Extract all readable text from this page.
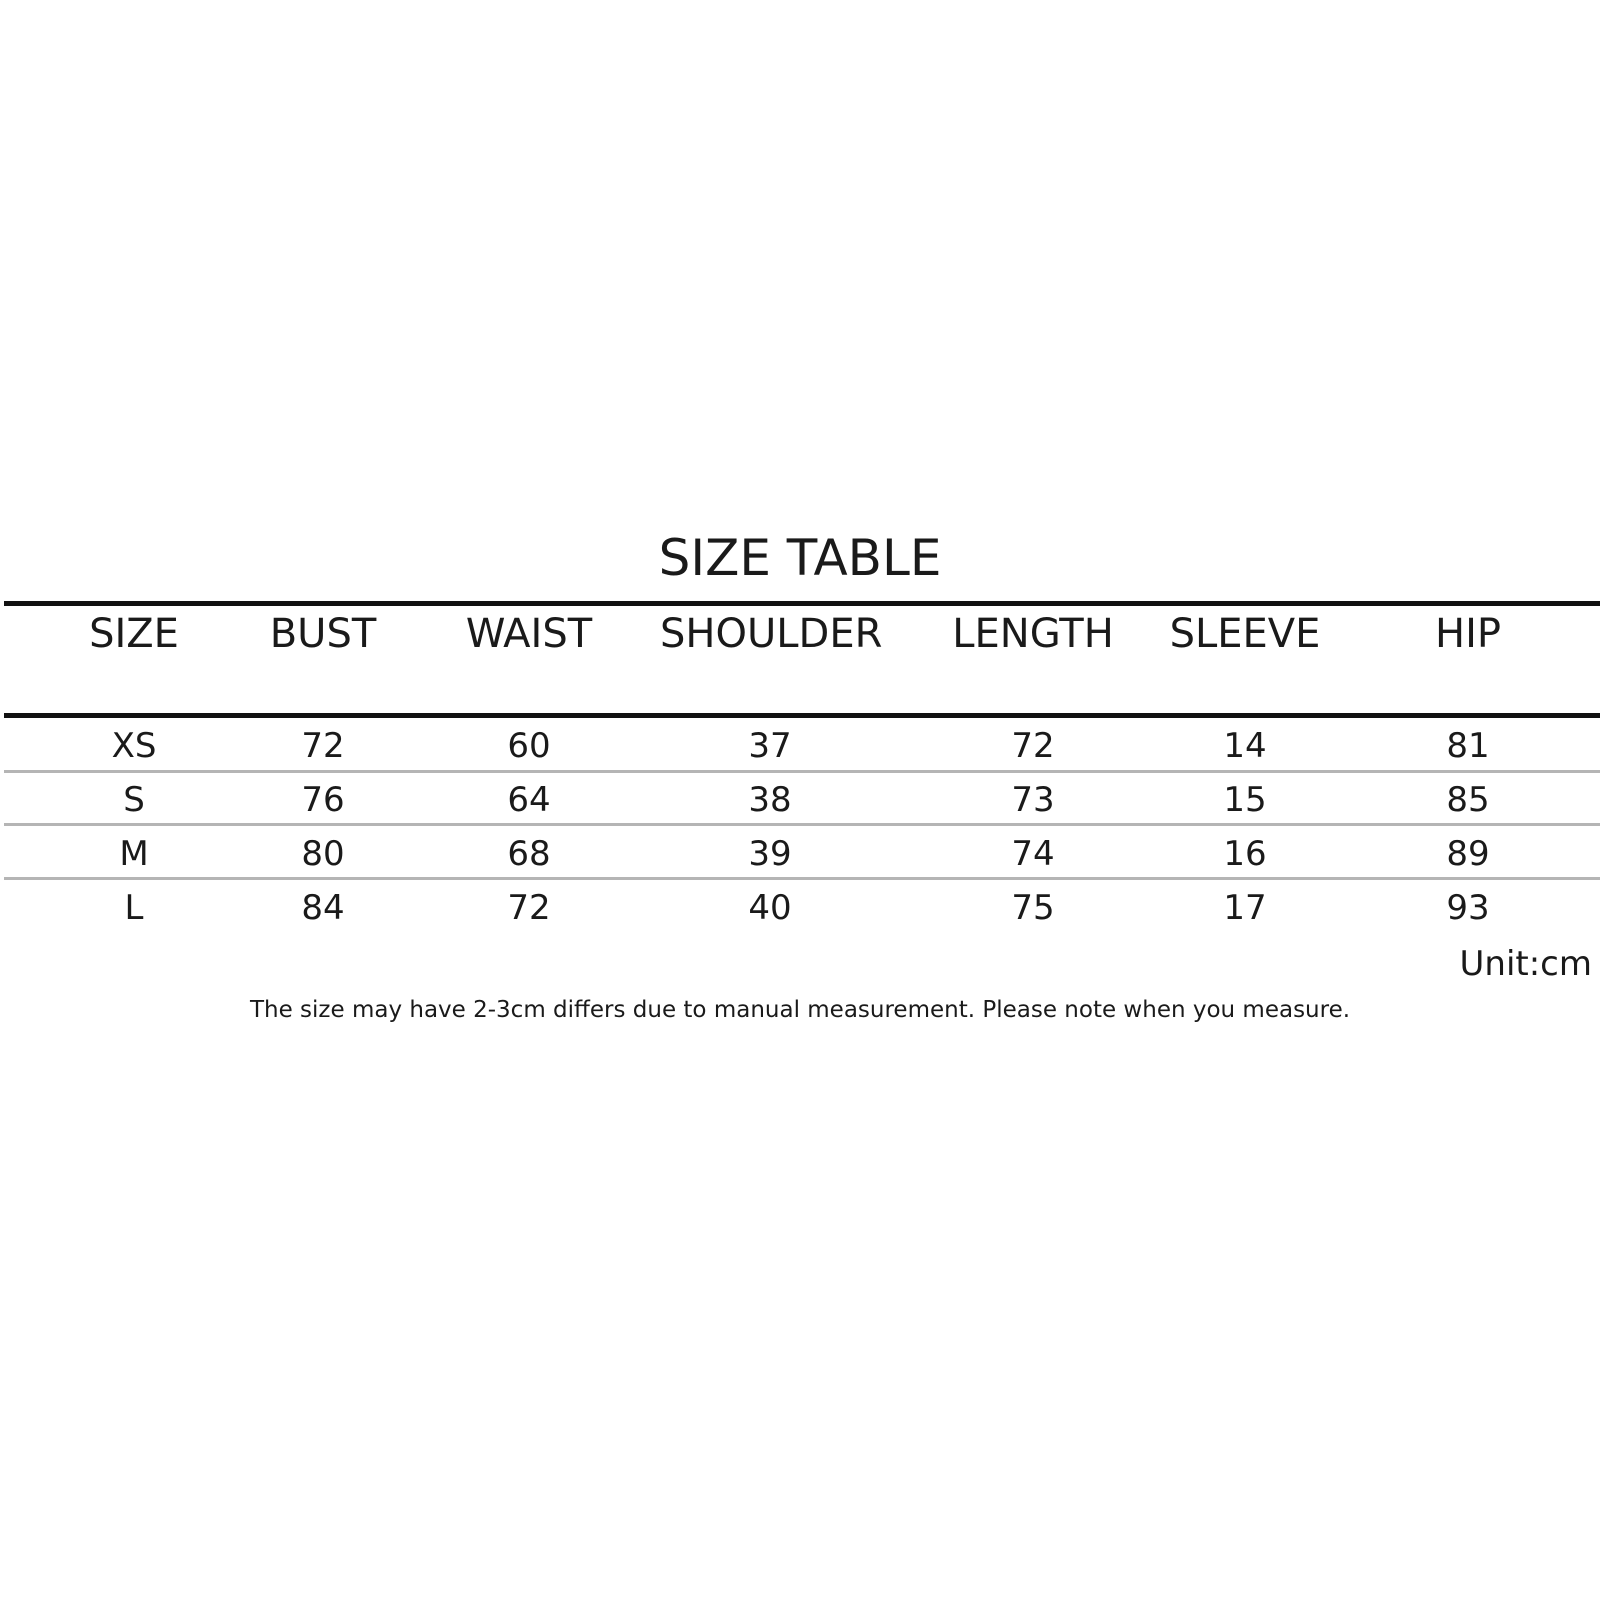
SIZE TABLE
SIZE	BUST	WAIST	SHOULDER	LENGTH	SLEEVE	HIP
XS	72	60	37	72	14	81
S	76	64	38	73	15	85
M	80	68	39	74	16	89
L	84	72	40	75	17	93
Unit:cm
The size may have 2-3cm differs due to manual measurement. Please note when you measure.
